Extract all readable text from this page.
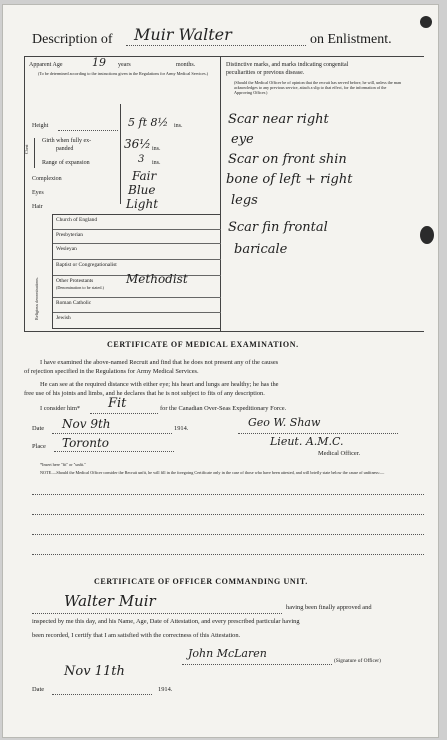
Description of Muir Walter	on Enlistment.
Apparent Age	19 years	months.
(To be determined according to the instructions given in the Regulations for Army Medical Services.)
Distinctive marks, and marks indicating congenital
peculiarities or previous disease.
(Should the Medical Officer be of opinion that the recruit has served before, he will, unless the man acknowledges to any previous service, attach a slip to that effect, for the information of the Approving Officer.)
Scar near right
eye
Scar on front shin
bone of left + right
legs
Scar fin frontal
baricale
Height	5 ft 8½ ins.
Chest
Girth when fully ex-
panded	36½ ins.
Range of expansion	3 ins.
Complexion	Fair
Eyes	Blue
Hair	Light
Church of England
Presbyterian
Wesleyan
Baptist or Congregationalist
Other Protestants
(Denomination to be stated.)
Roman Catholic
Jewish
Methodist
Religious denominations.
CERTIFICATE OF MEDICAL EXAMINATION.
I have examined the above-named Recruit and find that he does not present any of the causes
of rejection specified in the Regulations for Army Medical Services.
He can see at the required distance with either eye; his heart and lungs are healthy; he has the
free use of his joints and limbs, and he declares that he is not subject to fits of any description.
I consider him* Fit	for the Canadian Over-Seas Expeditionary Force.
Date Nov 9th	1914.	Geo W. Shaw
Place Toronto	Lieut. A.M.C.
Medical Officer.
*Insert here "fit" or "unfit."
NOTE.—Should the Medical Officer consider the Recruit unfit, he will fill in the foregoing Certificate only in the case of those who have been attested, and will briefly state below the cause of unfitness:—
CERTIFICATE OF OFFICER COMMANDING UNIT.
Walter Muir	having been finally approved and
inspected by me this day, and his Name, Age, Date of Attestation, and every prescribed particular having
been recorded, I certify that I am satisfied with the correctness of this Attestation.
John McLaren
(Signature of Officer)
Nov 11th
Date	1914.
